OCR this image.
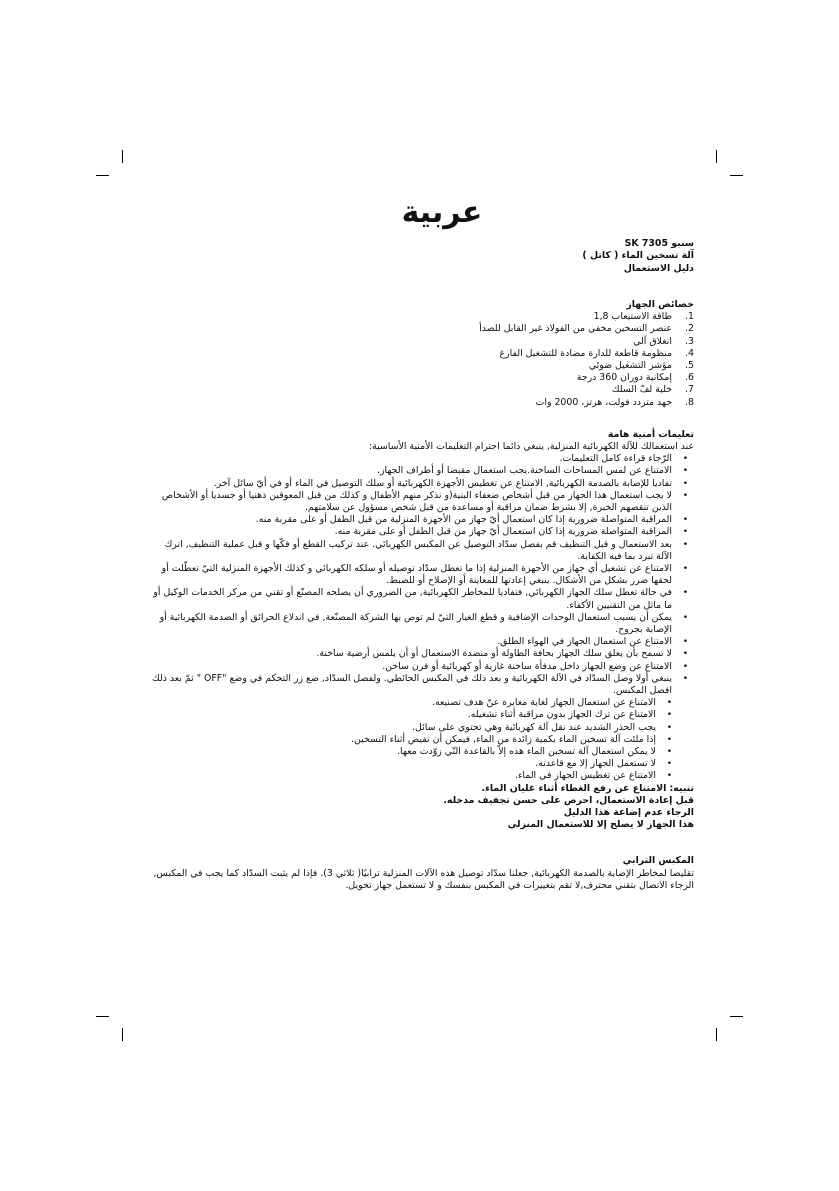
عربية
سنبو SK 7305
آلة تسخين الماء ( كاتل )
دليل الاستعمال
خصائص الجهاز
1.
طاقة الاستيعاب 1,8
2.
عنصر التسخين مخفي من الفولاذ غير القابل للصدأ
3.
انغلاق آلي
4.
منظومة قاطعة للدارة مضادة للتشغيل الفارغ
5.
مؤشر التشغيل ضوئي
6.
إمكانية دوران 360 درجة
7.
خلية لفّ السلك
8.
جهد متردد فولت، هرتز، 2000 وات
تعليمات أمنية هامة
عند استعمالك للآلة الكهربائية المنزلية, ينبغي دائما احترام التعليمات الأمنية الأساسية:
• الرّجاء قراءة كامل التعليمات.
• الامتناع عن لمس المساحات الساخنة.يجب استعمال مقبضا أو أطراف الجهاز.
• تفاديا للإصابة بالصدمة الكهربائية, الامتناع عن تغطيس الأجهزة الكهربائية أو سلك التوصيل في الماء أو في أيّ سائل آخر.
• لا يجب استعمال هذا الجهاز من قبل أشخاص ضعفاء البنية(و نذكر منهم الأطفال و كذلك من قبل المعوقين ذهنيا أو جسديا أو الأشخاص الذين تنقصهم الخبرة, إلا بشرط ضمان مراقبة أو مساعدة من قبل شخص مسؤول عن سلامتهم.
• المراقبة المتواصلة ضرورية إذا كان استعمال أيّ جهاز من الأجهزة المنزلية من قبل الطفل أو على مقربة منه.
• المراقبة المتواصلة ضرورية إذا كان استعمال أيّ جهاز من قبل الطفل أو على مقربة منه.
• بعد الاستعمال و قبل التنظيف قم بفصل سدّاد التوصيل عن المكبس الكهربائي. عند تركيب القطع أو فكّها و قبل عملية التنظيف, اترك الآلة تبرد بما فيه الكفاية.
• الامتناع عن تشغيل أي جهاز من الأجهزة المنزلية إذا ما تعطل سدّاد توصيله أو سلكه الكهربائي و كذلك الأجهزة المنزلية التيّ تعطّلت أو لحقها ضرر بشكل من الأشكال. ينبغي إعادتها للمعاينة أو الإصلاح أو للضبط.
• في حالة تعطل سلك الجهاز الكهربائي, فتفاديا للمخاطر الكهربائية, من الضروري أن يصلحه المصنّع أو تقني من مركز الخدمات الوكيل أو ما ماثل من التقنيين الأكفاء.
• يمكن أن يسبب استعمال الوحدات الإضافية و قطع الغيار التيّ لم توص بها الشركة المصنّعة, في اندلاع الحرائق أو الصدمة الكهربائية أو الإصابة بجروح.
• الامتناع عن استعمال الجهاز في الهواء الطلق.
• لا تسمح بأن يعلق سلك الجهاز بحافة الطاولة أو منضدة الاستعمال أو أن يلمس أرضية ساخنة.
• الامتناع عن وضع الجهاز داخل مدفأة ساخنة غازية أو كهربائية أو فرن ساخن.
• ينبغي أولا وصل السدّاد في الآلة الكهربائية و بعد ذلك في المكبس الحائطي. ولفصل السدّاد, ضع زر التحكم في وضع "OFF " ثمّ بعد ذلك افصل المكبس.
• الامتناع عن استعمال الجهاز لغاية مغايرة عنّ هدف تصنيعه.
• الامتناع عن ترك الجهاز بدون مراقبة أثناء تشغيله.
• يجب الحذر الشديد عند نقل آلة كهربائية وهي تحتوي على سائل.
• إذا ملئت آلة تسخين الماء بكمية زائدة من الماء, فيمكن أن تفيض أثناء التسخين.
• لا يمكن استعمال آلة تسخين الماء هذه إلاّ بالقاعدة التّي زوّدت معها.
• لا تستعمل الجهاز إلا مع قاعدته.
• الامتناع عن تغطيس الجهاز في الماء.
تنبيه: الامتناع عن رفع الغطاء أثناء غليان الماء.
قبل إعادة الاستعمال، احرص على حسن تجفيف مدخله.
الرجاء عدم إضاعة هذا الدليل
هذا الجهاز لا يصلح إلا للاستعمال المنزلي
المكبس الترابي
تقليصا لمخاطر الإصابة بالصدمة الكهربائية, جعلنا سدّاد توصيل هذه الآلات المنزلية ترابيًا( ثلاثي 3). فإذا لم يثبت السدّاد كما يجب في المكبس, الرجاء الاتصال بتقني محترف,لا تقم بتغييرات في المكبس بنفسك و لا تستعمل جهاز تحويل.
